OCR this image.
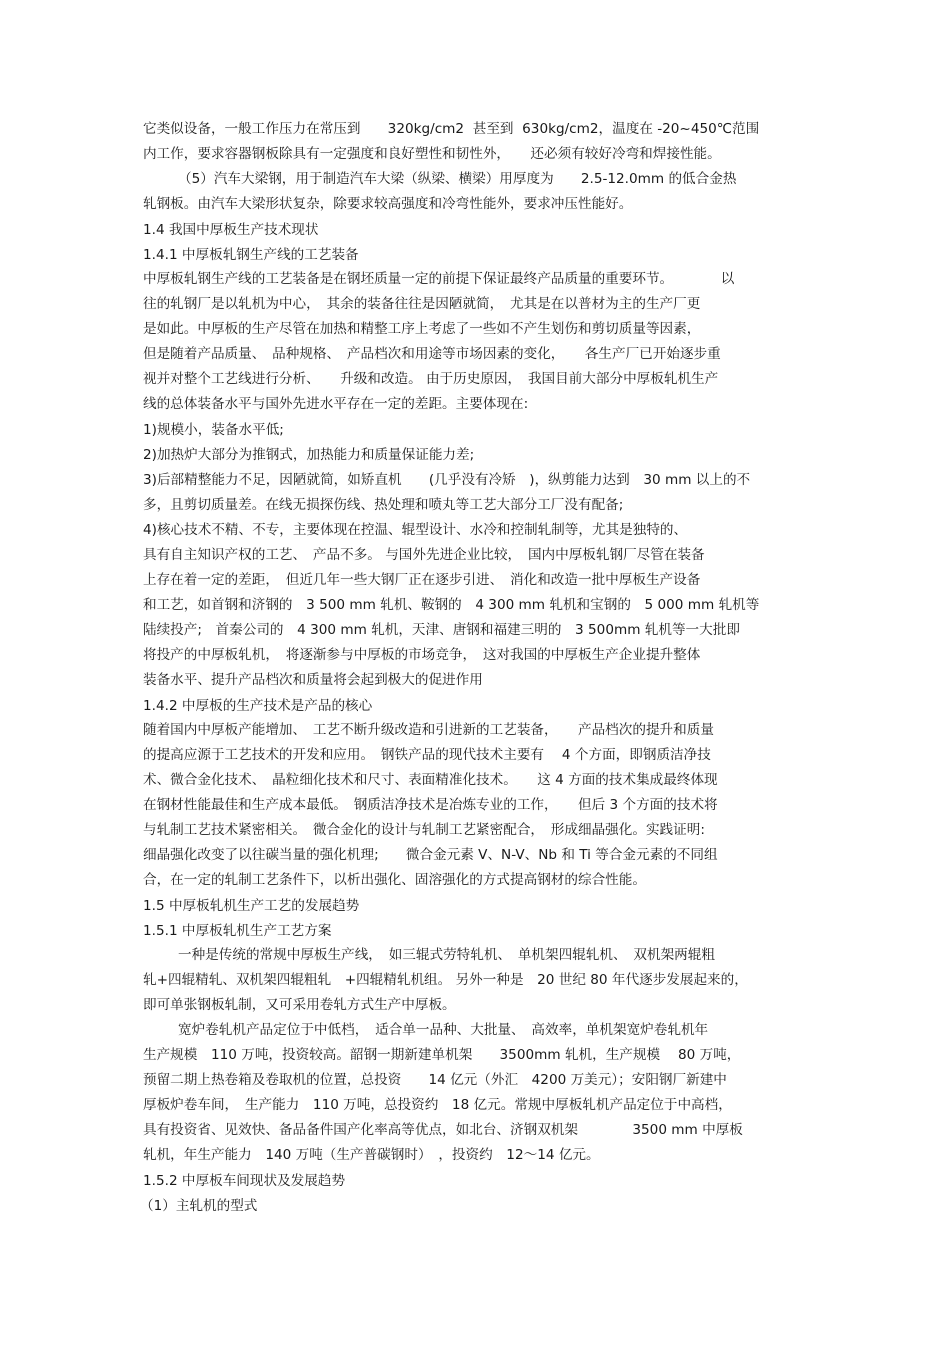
它类似设备，一般工作压力在常压到　　320kg/cm2  甚至到  630kg/cm2，温度在 -20~450℃范围
内工作，要求容器钢板除具有一定强度和良好塑性和韧性外，　　还必须有较好冷弯和焊接性能。
（5）汽车大梁钢，用于制造汽车大梁（纵梁、横梁）用厚度为　　2.5-12.0mm 的低合金热
轧钢板。由汽车大梁形状复杂，除要求较高强度和冷弯性能外，要求冲压性能好。
1.4 我国中厚板生产技术现状
1.4.1 中厚板轧钢生产线的工艺装备
中厚板轧钢生产线的工艺装备是在钢坯质量一定的前提下保证最终产品质量的重要环节。　　　　以
往的轧钢厂是以轧机为中心，　其余的装备往往是因陋就简，　尤其是在以普材为主的生产厂更
是如此。中厚板的生产尽管在加热和精整工序上考虑了一些如不产生划伤和剪切质量等因素，
但是随着产品质量、　品种规格、　产品档次和用途等市场因素的变化，　　各生产厂已开始逐步重
视并对整个工艺线进行分析、　　升级和改造。 由于历史原因，　我国目前大部分中厚板轧机生产
线的总体装备水平与国外先进水平存在一定的差距。主要体现在:
1)规模小，装备水平低;
2)加热炉大部分为推钢式，加热能力和质量保证能力差;
3)后部精整能力不足，因陋就简，如矫直机　　(几乎没有冷矫　)，纵剪能力达到　30 mm 以上的不
多，且剪切质量差。在线无损探伤线、热处理和喷丸等工艺大部分工厂没有配备;
4)核心技术不精、不专，主要体现在控温、辊型设计、水冷和控制轧制等，尤其是独特的、
具有自主知识产权的工艺、　产品不多。 与国外先进企业比较，　国内中厚板轧钢厂尽管在装备
上存在着一定的差距，　但近几年一些大钢厂正在逐步引进、　消化和改造一批中厚板生产设备
和工艺，如首钢和济钢的　3 500 mm 轧机、鞍钢的　4 300 mm 轧机和宝钢的　5 000 mm 轧机等
陆续投产;　首秦公司的　4 300 mm 轧机，天津、唐钢和福建三明的　3 500mm 轧机等一大批即
将投产的中厚板轧机，　将逐渐参与中厚板的市场竞争，　这对我国的中厚板生产企业提升整体
装备水平、提升产品档次和质量将会起到极大的促进作用
1.4.2 中厚板的生产技术是产品的核心
随着国内中厚板产能增加、　工艺不断升级改造和引进新的工艺装备，　　产品档次的提升和质量
的提高应源于工艺技术的开发和应用。　钢铁产品的现代技术主要有　 4 个方面，即钢质洁净技
术、微合金化技术、　晶粒细化技术和尺寸、表面精准化技术。　　这 4 方面的技术集成最终体现
在钢材性能最佳和生产成本最低。　钢质洁净技术是冶炼专业的工作，　　但后 3 个方面的技术将
与轧制工艺技术紧密相关。　微合金化的设计与轧制工艺紧密配合，　形成细晶强化。实践证明:
细晶强化改变了以往碳当量的强化机理;　　微合金元素 V、N-V、Nb 和 Ti 等合金元素的不同组
合，在一定的轧制工艺条件下，以析出强化、固溶强化的方式提高钢材的综合性能。
1.5 中厚板轧机生产工艺的发展趋势
1.5.1 中厚板轧机生产工艺方案
一种是传统的常规中厚板生产线，　如三辊式劳特轧机、　单机架四辊轧机、　双机架两辊粗
轧+四辊精轧、双机架四辊粗轧　+四辊精轧机组。 另外一种是　20 世纪 80 年代逐步发展起来的，
即可单张钢板轧制，又可采用卷轧方式生产中厚板。
宽炉卷轧机产品定位于中低档，　适合单一品种、大批量、　高效率，单机架宽炉卷轧机年
生产规模　110 万吨，投资较高。韶钢一期新建单机架　　3500mm 轧机，生产规模　 80 万吨，
预留二期上热卷箱及卷取机的位置，总投资　　14 亿元（外汇　4200 万美元）；安阳钢厂新建中
厚板炉卷车间，　生产能力　110 万吨，总投资约　18 亿元。常规中厚板轧机产品定位于中高档，
具有投资省、见效快、备品备件国产化率高等优点，如北台、济钢双机架　　　　3500 mm 中厚板
轧机，年生产能力　140 万吨（生产普碳钢时）　，投资约　12～14 亿元。
1.5.2 中厚板车间现状及发展趋势
（1）主轧机的型式
